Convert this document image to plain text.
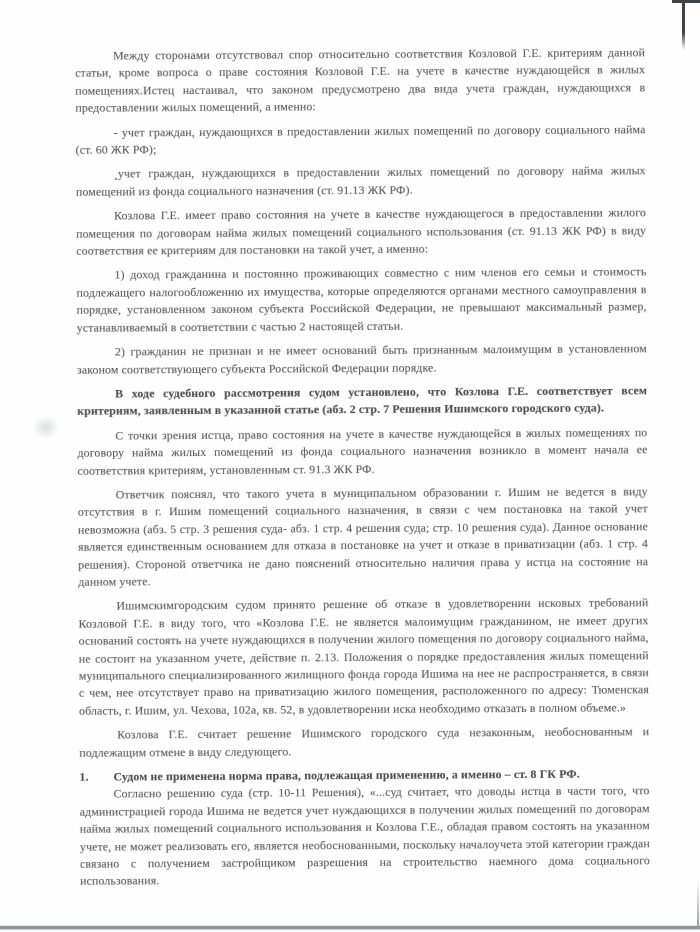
Между сторонами отсутствовал спор относительно соответствия Козловой Г.Е. критериям данной статьи, кроме вопроса о праве состояния Козловой Г.Е. на учете в качестве нуждающейся в жилых помещениях.Истец настаивал, что законом предусмотрено два вида учета граждан, нуждающихся в предоставлении жилых помещений, а именно:

- учет граждан, нуждающихся в предоставлении жилых помещений по договору социального найма (ст. 60 ЖК РФ);

¸учет граждан, нуждающихся в предоставлении жилых помещений по договору найма жилых помещений из фонда социального назначения (ст. 91.13 ЖК РФ).

Козлова Г.Е. имеет право состояния на учете в качестве нуждающегося в предоставлении жилого помещения по договорам найма жилых помещений социального использования (ст. 91.13 ЖК РФ) в виду соответствия ее критериям для постановки на такой учет, а именно:

1) доход гражданина и постоянно проживающих совместно с ним членов его семьи и стоимость подлежащего налогообложению их имущества, которые определяются органами местного самоуправления в порядке, установленном законом субъекта Российской Федерации, не превышают максимальный размер, устанавливаемый в соответствии с частью 2 настоящей статьи.

2) гражданин не признан и не имеет оснований быть признанным малоимущим в установленном законом соответствующего субъекта Российской Федерации порядке.

В ходе судебного рассмотрения судом установлено, что Козлова Г.Е. соответствует всем критериям, заявленным в указанной статье (абз. 2 стр. 7 Решения Ишимского городского суда).

С точки зрения истца, право состояния на учете в качестве нуждающейся в жилых помещениях по договору найма жилых помещений из фонда социального назначения возникло в момент начала ее соответствия критериям, установленным ст. 91.3 ЖК РФ.

Ответчик пояснял, что такого учета в муниципальном образовании г. Ишим не ведется в виду отсутствия в г. Ишим помещений социального назначения, в связи с чем постановка на такой учет невозможна (абз. 5 стр. 3 решения суда- абз. 1 стр. 4 решения суда; стр. 10 решения суда). Данное основание является единственным основанием для отказа в постановке на учет и отказе в приватизации (абз. 1 стр. 4 решения). Стороной ответчика не дано пояснений относительно наличия права у истца на состояние на данном учете.

Ишимскимгородским судом принято решение об отказе в удовлетворении исковых требований Козловой Г.Е. в виду того, что «Козлова Г.Е. не является малоимущим гражданином, не имеет других оснований состоять на учете нуждающихся в получении жилого помещения по договору социального найма, не состоит на указанном учете, действие п. 2.13. Положения о порядке предоставления жилых помещений муниципального специализированного жилищного фонда города Ишима на нее не распространяется, в связи с чем, нее отсутствует право на приватизацию жилого помещения, расположенного по адресу: Тюменская область, г. Ишим, ул. Чехова, 102а, кв. 52, в удовлетворении иска необходимо отказать в полном объеме.»

Козлова Г.Е. считает решение Ишимского городского суда незаконным, необоснованным и подлежащим отмене в виду следующего.

1. Судом не применена норма права, подлежащая применению, а именно – ст. 8 ГК РФ.

Согласно решению суда (стр. 10-11 Решения), «...суд считает, что доводы истца в части того, что администрацией города Ишима не ведется учет нуждающихся в получении жилых помещений по договорам найма жилых помещений социального использования и Козлова Г.Е., обладая правом состоять на указанном учете, не может реализовать его, является необоснованными, поскольку началоучета этой категории граждан связано с получением застройщиком разрешения на строительство наемного дома социального использования.
